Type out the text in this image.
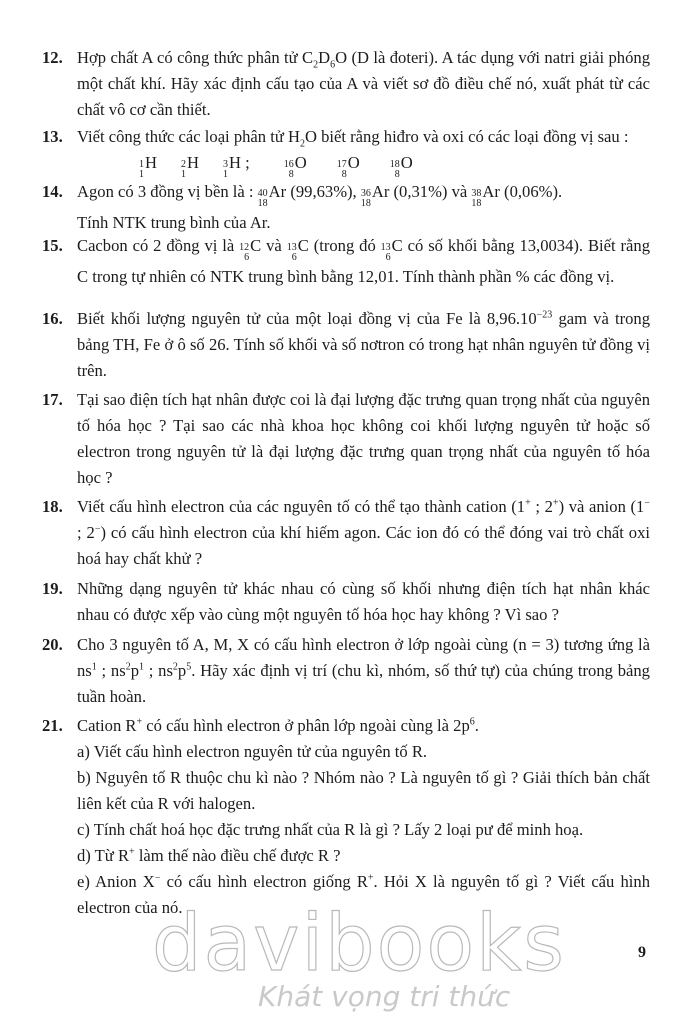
12. Hợp chất A có công thức phân tử $C_2D_6O$ (D là đoteri). A tác dụng với natri giải phóng một chất khí. Hãy xác định cấu tạo của A và viết sơ đồ điều chế nó, xuất phát từ các chất vô cơ cần thiết.
13. Viết công thức các loại phân tử $H_2O$ biết rằng hiđro và oxi có các loại đồng vị sau :

1
1
H 2
1
H 3
1
H ;	16
8
O	17
8
O	18
8
O
14. Agon có 3 đồng vị bền là : 40
18
Ar (99,63%), 36
18
Ar (0,31%) và 38
18
Ar (0,06%).

Tính NTK trung bình của Ar.

15. Cacbon có 2 đồng vị là 12
6
C và 13
6
C (trong đó 13
6
C có số khối bằng 13,0034). Biết rằng C trong tự nhiên có NTK trung bình bằng 12,01. Tính thành phần % các đồng vị.
16. Biết khối lượng nguyên tử của một loại đồng vị của Fe là $8,96.10^{-23}$ gam và trong bảng TH, Fe ở ô số 26. Tính số khối và số nơtron có trong hạt nhân nguyên tử đồng vị trên.
17. Tại sao điện tích hạt nhân được coi là đại lượng đặc trưng quan trọng nhất của nguyên tố hóa học ? Tại sao các nhà khoa học không coi khối lượng nguyên tử hoặc số electron trong nguyên tử là đại lượng đặc trưng quan trọng nhất của nguyên tố hóa học ?
18. Viết cấu hình electron của các nguyên tố có thể tạo thành cation (1+ ; 2+) và anion (1− ; 2−) có cấu hình electron của khí hiếm agon. Các ion đó có thể đóng vai trò chất oxi hoá hay chất khử ?
19. Những dạng nguyên tử khác nhau có cùng số khối nhưng điện tích hạt nhân khác nhau có được xếp vào cùng một nguyên tố hóa học hay không ? Vì sao ?
20. Cho 3 nguyên tố A, M, X có cấu hình electron ở lớp ngoài cùng (n = 3) tương ứng là $ns^1$ ; $ns^2p^1$ ; $ns^2p^5$. Hãy xác định vị trí (chu kì, nhóm, số thứ tự) của chúng trong bảng tuần hoàn.
21. Cation R+ có cấu hình electron ở phân lớp ngoài cùng là $2p^6$.

a) Viết cấu hình electron nguyên tử của nguyên tố R.

b) Nguyên tố R thuộc chu kì nào ? Nhóm nào ? Là nguyên tố gì ? Giải thích bản chất liên kết của R với halogen.

c) Tính chất hoá học đặc trưng nhất của R là gì ? Lấy 2 loại pư để minh hoạ.

d) Từ R+ làm thế nào điều chế được R ?

e) Anion X− có cấu hình electron giống R+. Hỏi X là nguyên tố gì ? Viết cấu hình electron của nó.

davibooks
Khát vọng tri thức
9
